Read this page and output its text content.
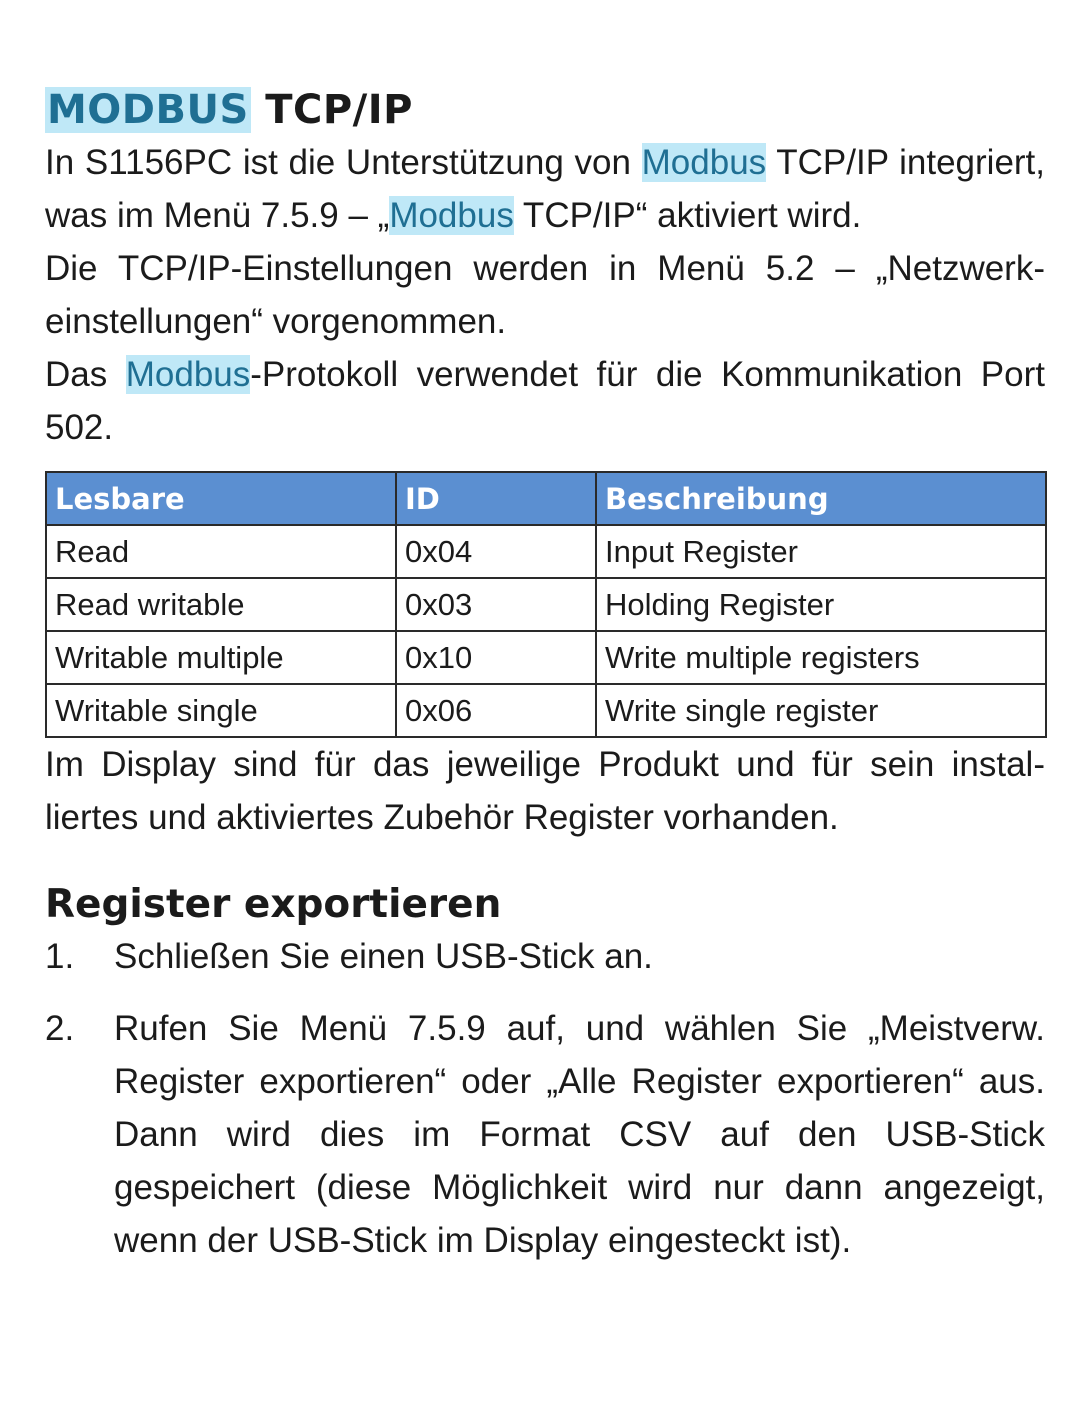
MODBUS TCP/IP

In S1156PC ist die Unterstützung von Modbus TCP/IP integriert, was im Menü 7.5.9 – „Modbus TCP/IP“ aktiviert wird.

Die TCP/IP-Einstellungen werden in Menü 5.2 – „Netzwerkeinstellungen“ vorgenommen.

Das Modbus-Protokoll verwendet für die Kommunikation Port 502.

Lesbare	ID	Beschreibung
Read	0x04	Input Register
Read writable	0x03	Holding Register
Writable multiple	0x10	Write multiple registers
Writable single	0x06	Write single register

Im Display sind für das jeweilige Produkt und für sein installiertes und aktiviertes Zubehör Register vorhanden.

Register exportieren
1.	Schließen Sie einen USB-Stick an.
2.	Rufen Sie Menü 7.5.9 auf, und wählen Sie „Meistverw. Register exportieren“ oder „Alle Register exportieren“ aus. Dann wird dies im Format CSV auf den USB-Stick gespeichert (diese Möglichkeit wird nur dann angezeigt, wenn der USB-Stick im Display eingesteckt ist).
